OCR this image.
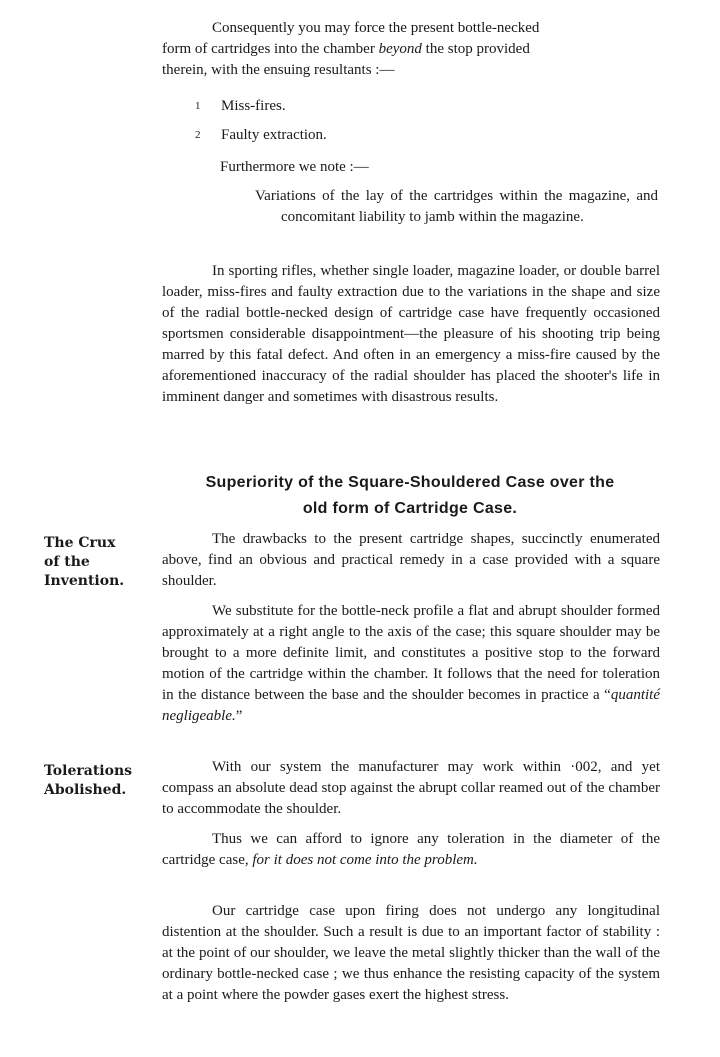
Consequently you may force the present bottle-necked
form of cartridges into the chamber beyond the stop provided
therein, with the ensuing resultants :—
1	Miss-fires.
2	Faulty extraction.
Furthermore we note :—

Variations of the lay of the cartridges within the magazine, and concomitant liability to jamb within the magazine.

In sporting rifles, whether single loader, magazine loader, or double barrel loader, miss-fires and faulty extraction due to the variations in the shape and size of the radial bottle-necked design of cartridge case have frequently occasioned sportsmen considerable disappointment—the pleasure of his shooting trip being marred by this fatal defect. And often in an emergency a miss-fire caused by the aforementioned inaccuracy of the radial shoulder has placed the shooter's life in imminent danger and sometimes with disastrous results.

Superiority of the Square-Shouldered Case over the
old form of Cartridge Case.
The Crux
of the
Invention.

The drawbacks to the present cartridge shapes, succinctly enumerated above, find an obvious and practical remedy in a case provided with a square shoulder.

We substitute for the bottle-neck profile a flat and abrupt shoulder formed approximately at a right angle to the axis of the case; this square shoulder may be brought to a more definite limit, and constitutes a positive stop to the forward motion of the cartridge within the chamber. It follows that the need for toleration in the distance between the base and the shoulder becomes in practice a “quantité negligeable.”

Tolerations
Abolished.

With our system the manufacturer may work within ·002, and yet compass an absolute dead stop against the abrupt collar reamed out of the chamber to accommodate the shoulder.

Thus we can afford to ignore any toleration in the diameter of the cartridge case, for it does not come into the problem.

Our cartridge case upon firing does not undergo any longitudinal distention at the shoulder. Such a result is due to an important factor of stability : at the point of our shoulder, we leave the metal slightly thicker than the wall of the ordinary bottle-necked case ; we thus enhance the resisting capacity of the system at a point where the powder gases exert the highest stress.
